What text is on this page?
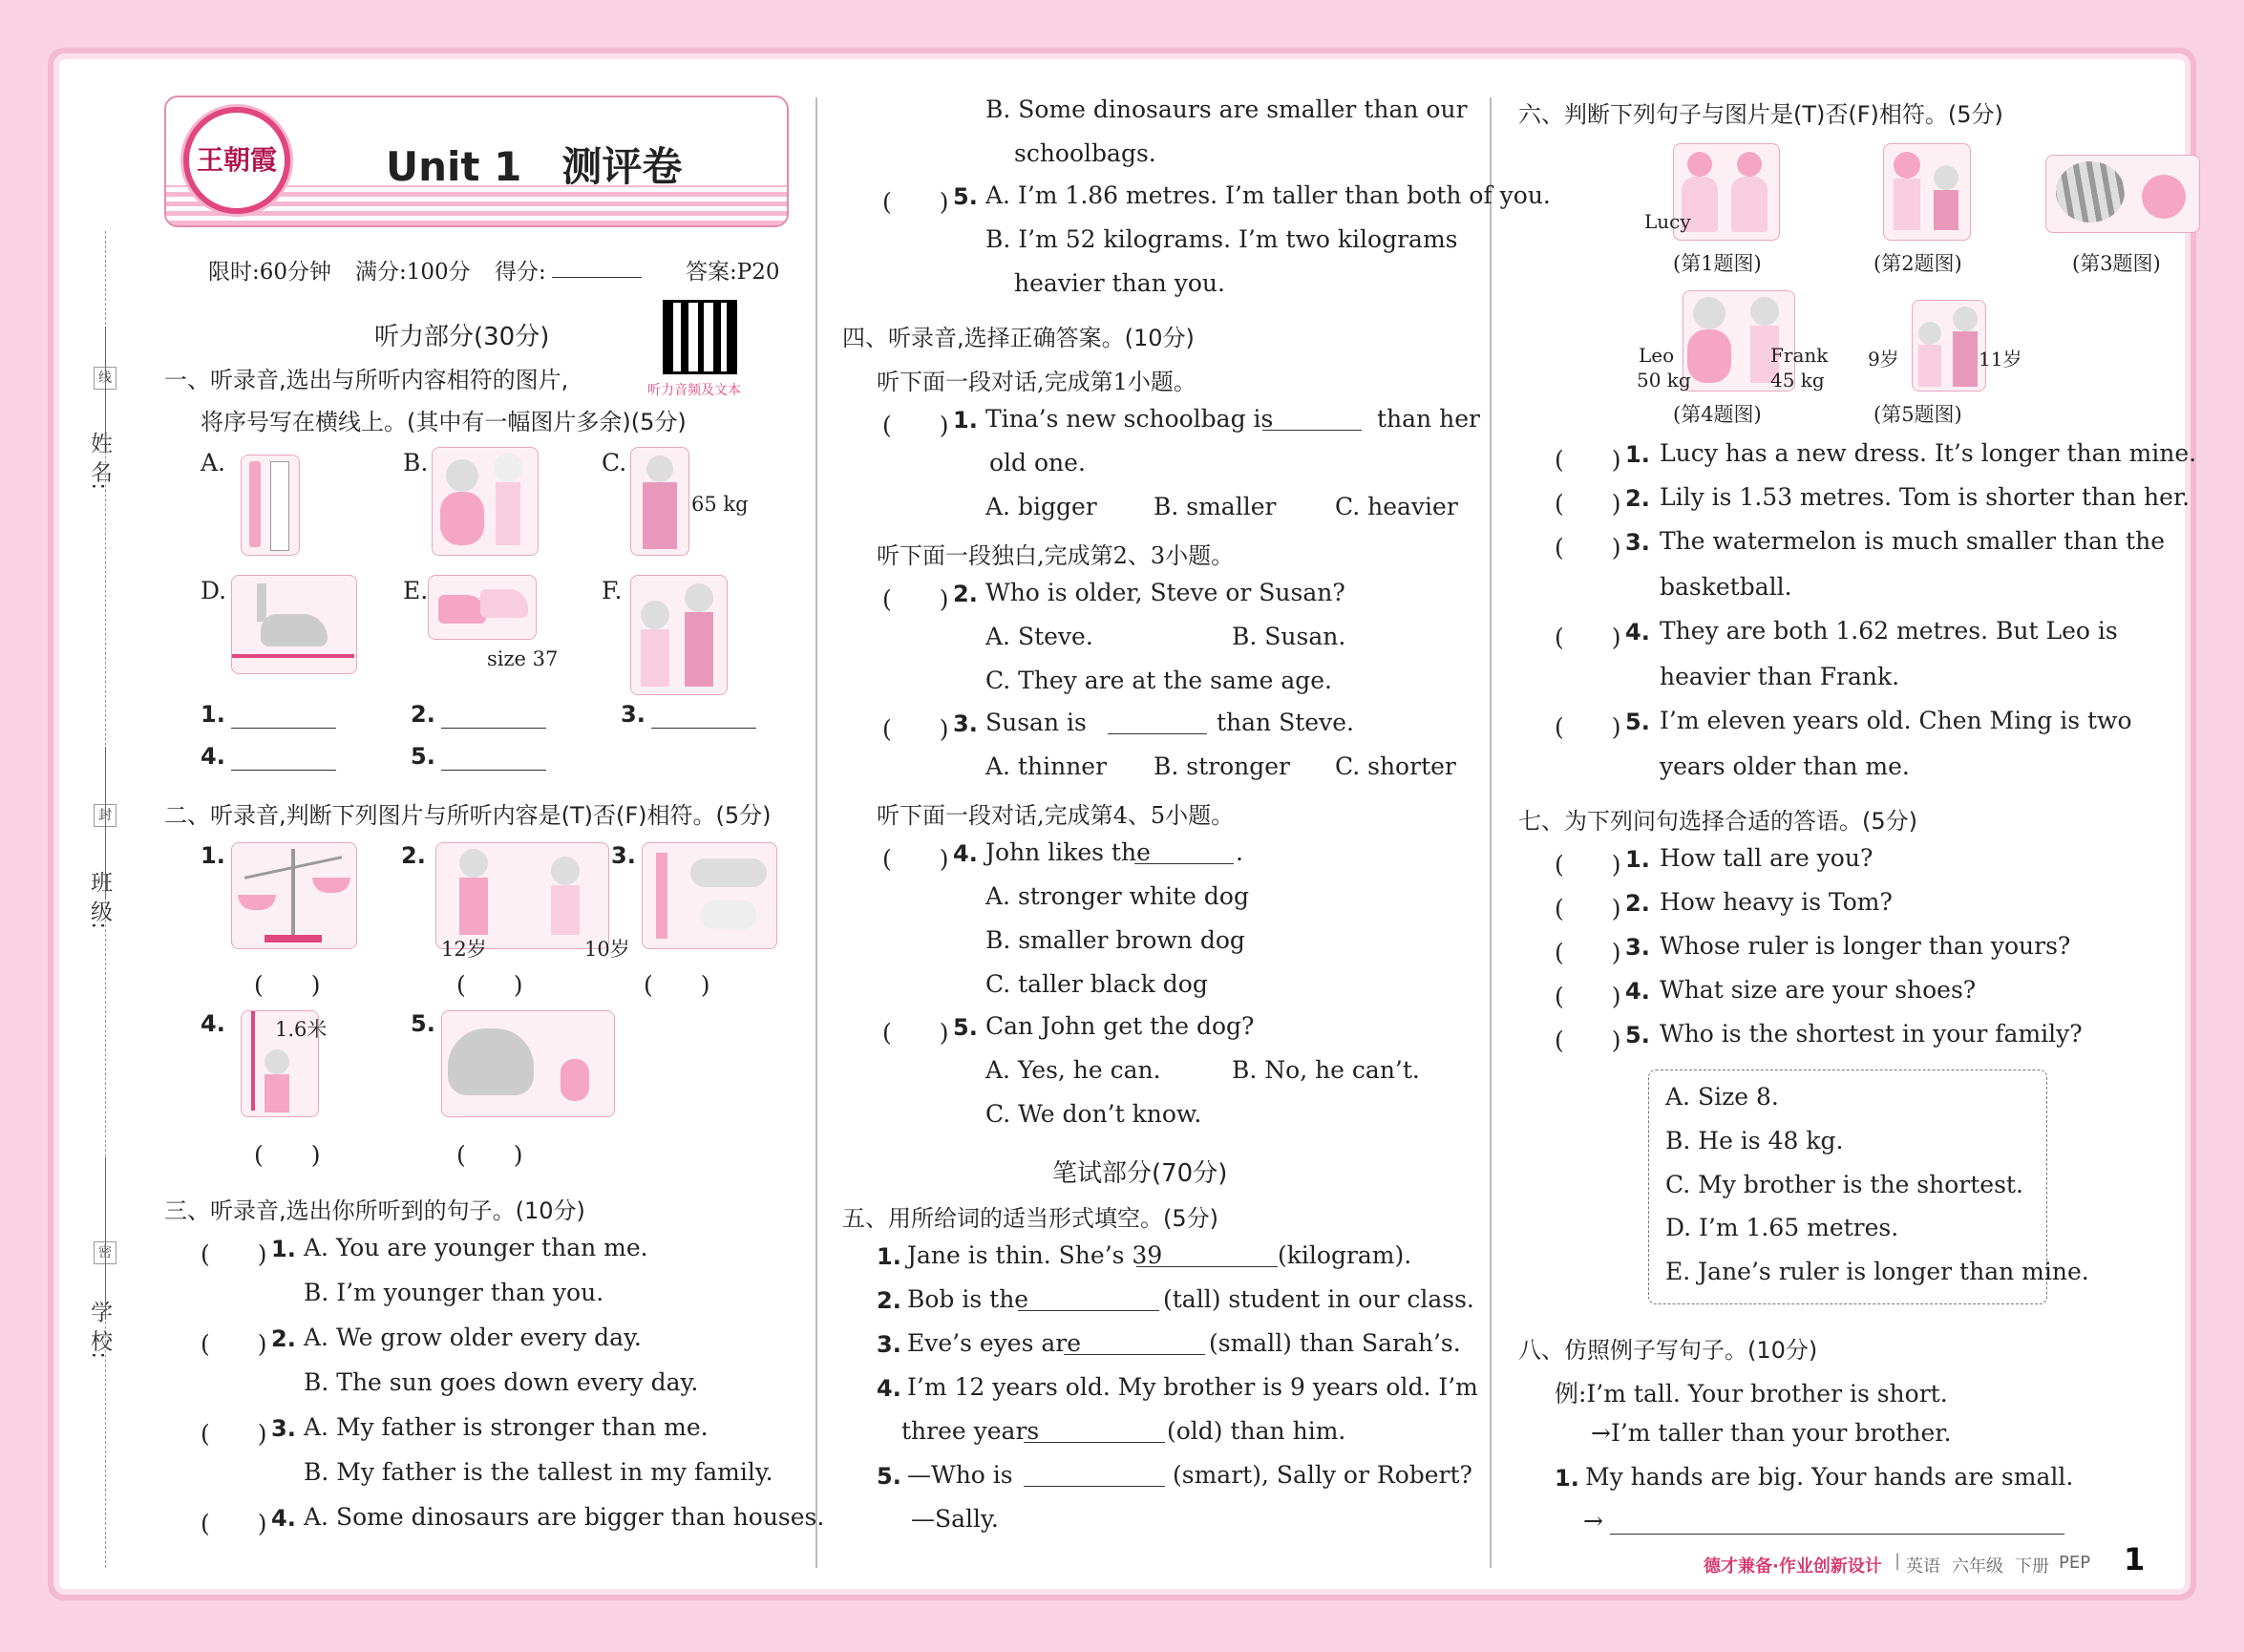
姓 名:
班 级:
学 校:
线
封
密
王朝霞	Unit 1　测评卷
限时:60分钟 满分:100分 得分:	答案:P20
听力部分(30分)
听力音频及文本
一、听录音,选出与所听内容相符的图片,
将序号写在横线上。(其中有一幅图片多余)(5分)
A.	B.	C.
65 kg
D.	E.
size 37
F.
1.	2.	3.
4.	5.
二、听录音,判断下列图片与所听内容是(T)否(F)相符。(5分)
1.
(　　)
2.
12岁	10岁
(　　)
3.
(　　)
4. 1.6米
(　　)
5.
(　　)
三、听录音,选出你所听到的句子。(10分)
(　　) 1. A. You are younger than me.
B. I’m younger than you.
(　　) 2. A. We grow older every day.
B. The sun goes down every day.
(　　) 3. A. My father is stronger than me.
B. My father is the tallest in my family.
(　　) 4. A. Some dinosaurs are bigger than houses.
B. Some dinosaurs are smaller than our
schoolbags.
(　　) 5. A. I’m 1.86 metres. I’m taller than both of you.
B. I’m 52 kilograms. I’m two kilograms
heavier than you.
四、听录音,选择正确答案。(10分)
听下面一段对话,完成第1小题。
(　　) 1. Tina’s new schoolbag is	than her
old one.
A. bigger B. smaller C. heavier
听下面一段独白,完成第2、3小题。
(　　) 2. Who is older, Steve or Susan?
A. Steve.	B. Susan.
C. They are at the same age.
(　　) 3. Susan is	than Steve.
A. thinner B. stronger C. shorter
听下面一段对话,完成第4、5小题。
(　　) 4. John likes the	.
A. stronger white dog
B. smaller brown dog
C. taller black dog
(　　) 5. Can John get the dog?
A. Yes, he can.	B. No, he can’t.
C. We don’t know.
笔试部分(70分)
五、用所给词的适当形式填空。(5分)
1. Jane is thin. She’s 39	(kilogram).
2. Bob is the	(tall) student in our class.
3. Eve’s eyes are	(small) than Sarah’s.
4. I’m 12 years old. My brother is 9 years old. I’m
three years	(old) than him.
5. —Who is	(smart), Sally or Robert?
—Sally.
六、判断下列句子与图片是(T)否(F)相符。(5分)
Lucy
(第1题图)	(第2题图)	(第3题图)
Leo
50 kg
Frank
45 kg
(第4题图)
9岁	11岁
(第5题图)
(　　) 1. Lucy has a new dress. It’s longer than mine.
(　　) 2. Lily is 1.53 metres. Tom is shorter than her.
(　　) 3. The watermelon is much smaller than the
basketball.
(　　) 4. They are both 1.62 metres. But Leo is
heavier than Frank.
(　　) 5. I’m eleven years old. Chen Ming is two
years older than me.
七、为下列问句选择合适的答语。(5分)
(　　) 1. How tall are you?
(　　) 2. How heavy is Tom?
(　　) 3. Whose ruler is longer than yours?
(　　) 4. What size are your shoes?
(　　) 5. Who is the shortest in your family?
A. Size 8.
B. He is 48 kg.
C. My brother is the shortest.
D. I’m 1.65 metres.
E. Jane’s ruler is longer than mine.
八、仿照例子写句子。(10分)
例:I’m tall. Your brother is short.
→I’m taller than your brother.
1. My hands are big. Your hands are small.
→
德才兼备·作业创新设计 | 英语 六年级 下册 PEP 1
